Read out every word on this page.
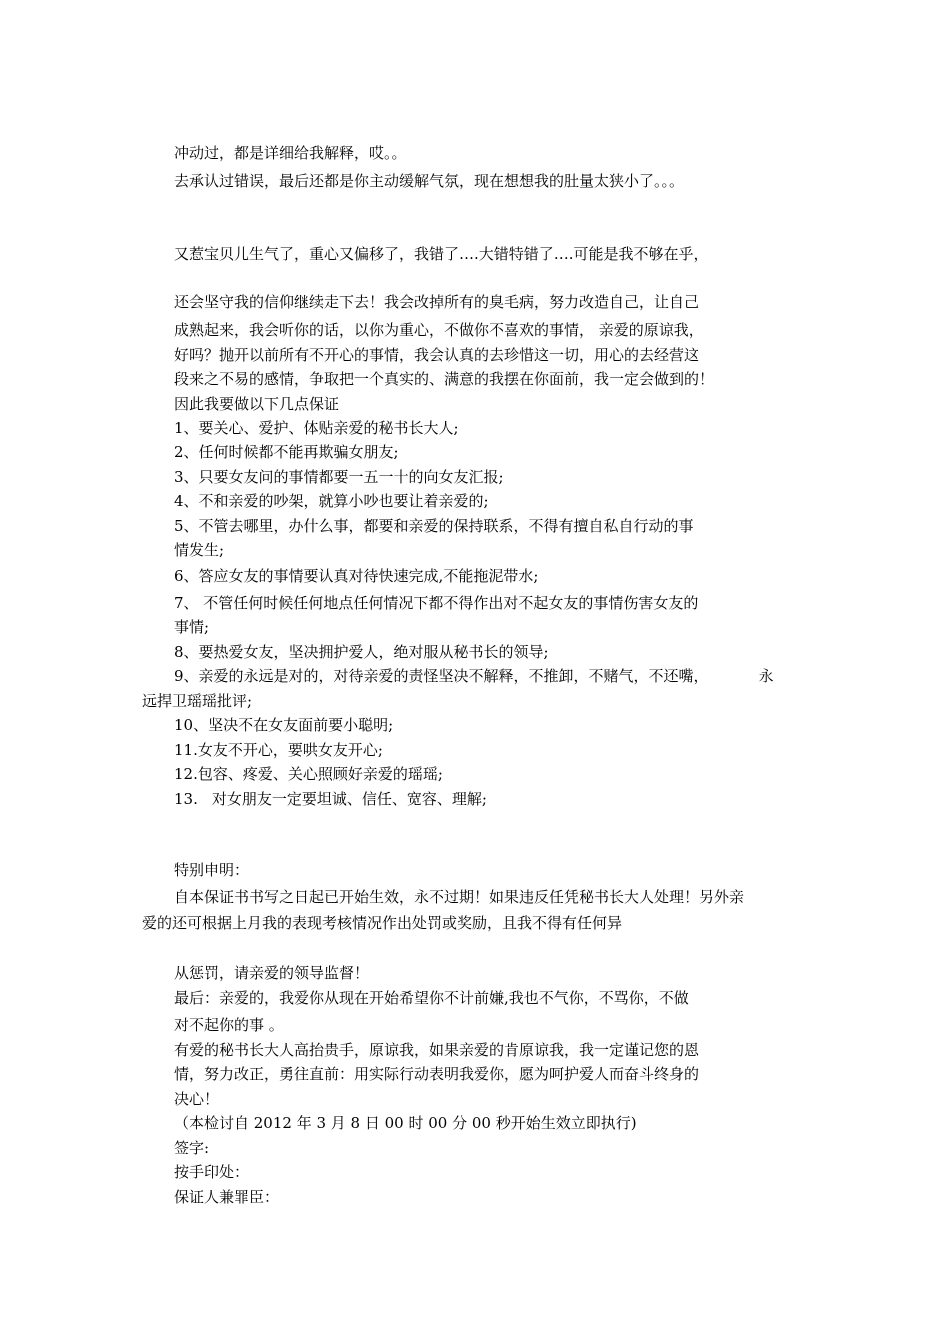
冲动过，都是详细给我解释，哎。。
去承认过错误，最后还都是你主动缓解气氛，现在想想我的肚量太狭小了。。。
又惹宝贝儿生气了，重心又偏移了，我错了….大错特错了….可能是我不够在乎，
还会坚守我的信仰继续走下去！我会改掉所有的臭毛病，努力改造自己，让自己
成熟起来，我会听你的话，以你为重心，不做你不喜欢的事情， 亲爱的原谅我，
好吗？抛开以前所有不开心的事情，我会认真的去珍惜这一切，用心的去经营这
段来之不易的感情，争取把一个真实的、满意的我摆在你面前，我一定会做到的！
因此我要做以下几点保证
1、要关心、爱护、体贴亲爱的秘书长大人;
2、任何时候都不能再欺骗女朋友;
3、只要女友问的事情都要一五一十的向女友汇报;
4、不和亲爱的吵架，就算小吵也要让着亲爱的;
5、不管去哪里，办什么事，都要和亲爱的保持联系，不得有擅自私自行动的事
情发生;
6、答应女友的事情要认真对待快速完成,不能拖泥带水;
7、 不管任何时候任何地点任何情况下都不得作出对不起女友的事情伤害女友的
事情;
8、要热爱女友，坚决拥护爱人，绝对服从秘书长的领导;
9、亲爱的永远是对的，对待亲爱的责怪坚决不解释，不推卸，不赌气，不还嘴，	永
远捍卫瑶瑶批评;
10、坚决不在女友面前要小聪明;
11.女友不开心，要哄女友开心;
12.包容、疼爱、关心照顾好亲爱的瑶瑶;
13. 对女朋友一定要坦诚、信任、宽容、理解;
特别申明：
自本保证书书写之日起已开始生效，永不过期！如果违反任凭秘书长大人处理！另外亲
爱的还可根据上月我的表现考核情况作出处罚或奖励，且我不得有任何异
从惩罚，请亲爱的领导监督！
最后：亲爱的，我爱你从现在开始希望你不计前嫌,我也不气你，不骂你，不做
对不起你的事 。
有爱的秘书长大人高抬贵手，原谅我，如果亲爱的肯原谅我，我一定谨记您的恩
情，努力改正，勇往直前：用实际行动表明我爱你，愿为呵护爱人而奋斗终身的
决心！
（本检讨自 2012 年 3 月 8 日 00 时 00 分 00 秒开始生效立即执行)
签字:
按手印处：
保证人兼罪臣：
